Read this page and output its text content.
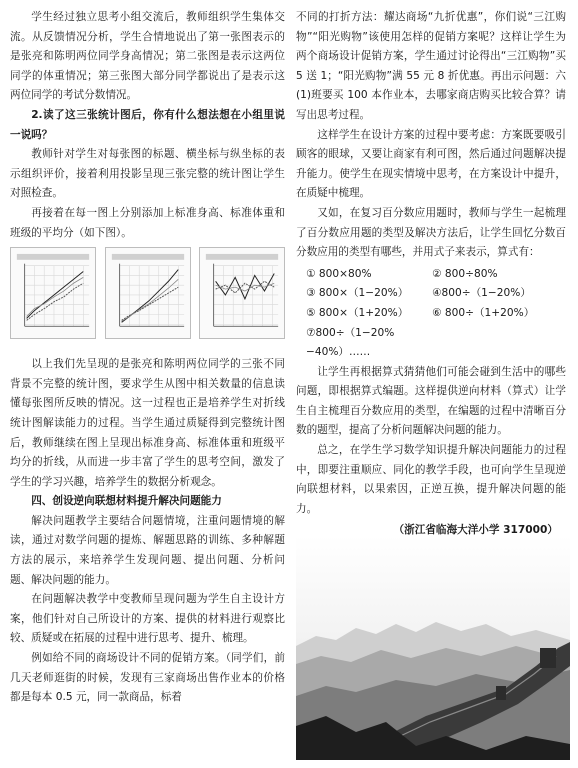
学生经过独立思考小组交流后，教师组织学生集体交流。从反馈情况分析，学生合情地说出了第一张图表示的是张亮和陈明两位同学身高情况；第二张图是表示这两位同学的体重情况；第三张图大部分同学都说出了是表示这两位同学的考试分数情况。

2.读了这三张统计图后，你有什么想法想在小组里说一说吗？

教师针对学生对每张图的标题、横坐标与纵坐标的表示组织评价，接着利用投影呈现三张完整的统计图让学生对照检查。

再接着在每一图上分别添加上标准身高、标准体重和班级的平均分（如下图）。

以上我们先呈现的是张亮和陈明两位同学的三张不同背景不完整的统计图，要求学生从图中相关数量的信息读懂每张图所反映的情况。这一过程也正是培养学生对折线统计图解读能力的过程。当学生通过质疑得到完整统计图后，教师继续在图上呈现出标准身高、标准体重和班级平均分的折线，从而进一步丰富了学生的思考空间，激发了学生的学习兴趣，培养学生的数据分析观念。

四、创设逆向联想材料提升解决问题能力

解决问题教学主要结合问题情境，注重问题情境的解读，通过对数学问题的提炼、解题思路的训练、多种解题方法的展示，来培养学生发现问题、提出问题、分析问题、解决问题的能力。

在问题解决教学中变教师呈现问题为学生自主设计方案，他们针对自己所设计的方案、提供的材料进行观察比较、质疑或在拓展的过程中进行思考、提升、梳理。

例如给不同的商场设计不同的促销方案。（同学们，前几天老师逛街的时候，发现有三家商场出售作业本的价格都是每本 0.5 元，同一款商品，标着

不同的打折方法：耀达商场“九折优惠”，你们说“三江购物”“阳光购物”该使用怎样的促销方案呢？这样让学生为两个商场设计促销方案，学生通过讨论得出“三江购物”买 5 送 1；“阳光购物”满 55 元 8 折优惠。再出示问题：六(1)班要买 100 本作业本，去哪家商店购买比较合算？请写出思考过程。

这样学生在设计方案的过程中要考虑：方案既要吸引顾客的眼球，又要让商家有利可图，然后通过问题解决提升能力。使学生在现实情境中思考，在方案设计中提升，在质疑中梳理。

又如，在复习百分数应用题时，教师与学生一起梳理了百分数应用题的类型及解决方法后，让学生回忆分数百分数应用的类型有哪些，并用式子来表示，算式有：

① 800×80%	② 800÷80%
③ 800×（1−20%）	④800÷（1−20%）
⑤ 800×（1+20%）	⑥ 800÷（1+20%）
⑦800÷（1−20%−40%）……

让学生再根据算式猜猜他们可能会碰到生活中的哪些问题，即根据算式编题。这样提供逆向材料（算式）让学生自主梳理百分数应用的类型，在编题的过程中清晰百分数的题型，提高了分析问题解决问题的能力。

总之，在学生学习数学知识提升解决问题能力的过程中，即要注重顺应、同化的教学手段，也可向学生呈现逆向联想材料，以果索因，正逆互换，提升解决问题的能力。

（浙江省临海大洋小学 317000）
